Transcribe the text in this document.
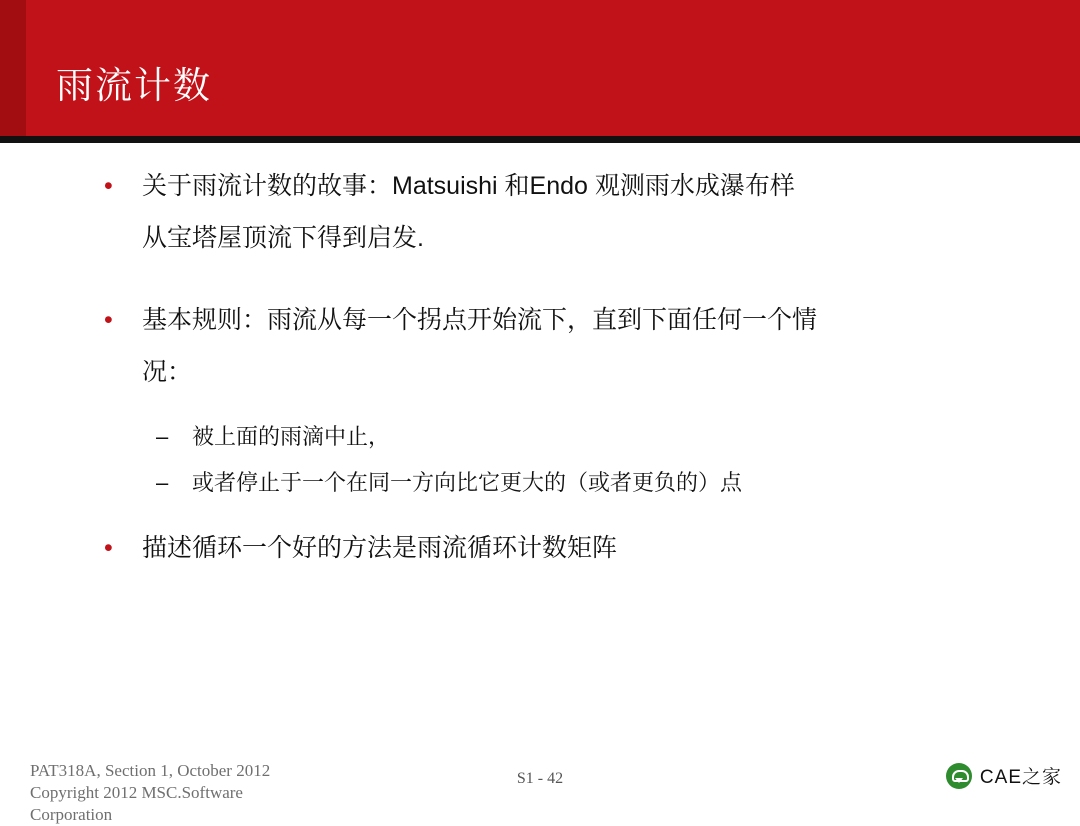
雨流计数
• 关于雨流计数的故事：Matsuishi 和Endo 观测雨水成瀑布样
从宝塔屋顶流下得到启发.
• 基本规则：雨流从每一个拐点开始流下，直到下面任何一个情
况：
– 被上面的雨滴中止，
– 或者停止于一个在同一方向比它更大的（或者更负的）点
• 描述循环一个好的方法是雨流循环计数矩阵
PAT318A, Section 1, October 2012
Copyright 2012 MSC.Software
Corporation
S1 - 42	CAE之家
